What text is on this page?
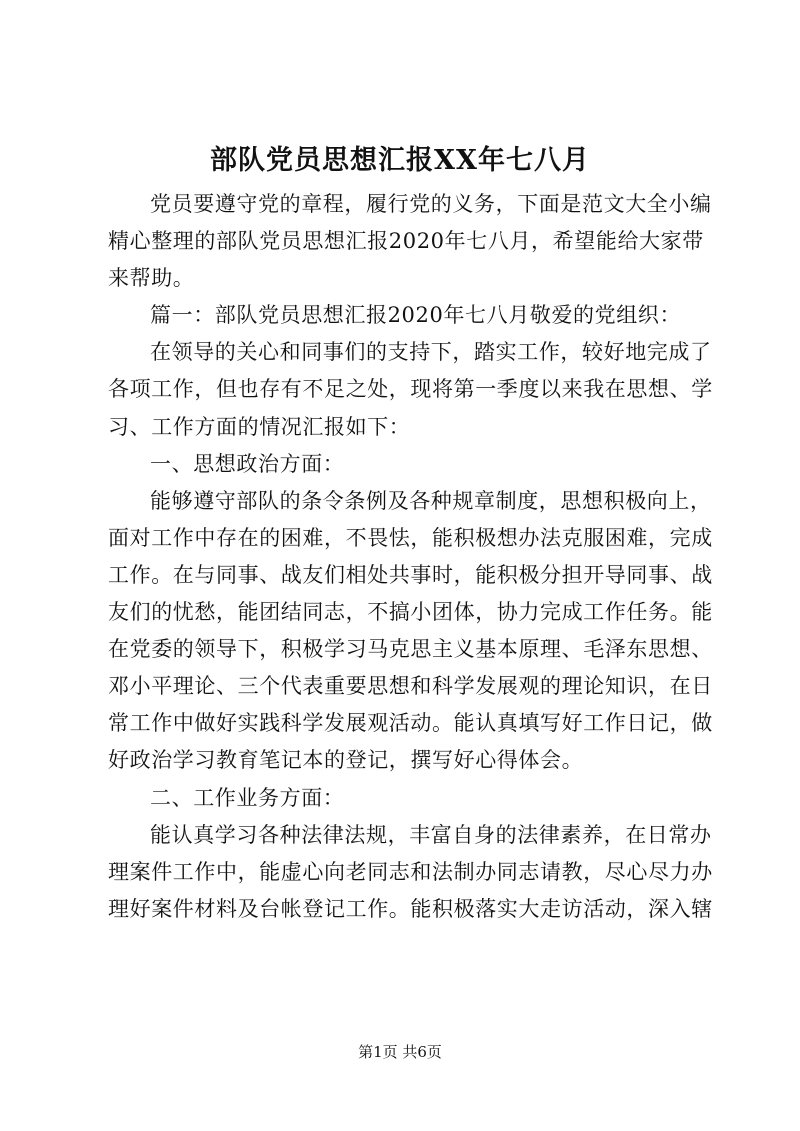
部队党员思想汇报XX年七八月
党员要遵守党的章程，履行党的义务，下面是范文大全小编
精心整理的部队党员思想汇报2020年七八月，希望能给大家带
来帮助。
篇一：部队党员思想汇报2020年七八月敬爱的党组织：
在领导的关心和同事们的支持下，踏实工作，较好地完成了
各项工作，但也存有不足之处，现将第一季度以来我在思想、学
习、工作方面的情况汇报如下：
一、思想政治方面：
能够遵守部队的条令条例及各种规章制度，思想积极向上，
面对工作中存在的困难，不畏怯，能积极想办法克服困难，完成
工作。在与同事、战友们相处共事时，能积极分担开导同事、战
友们的忧愁，能团结同志，不搞小团体，协力完成工作任务。能
在党委的领导下，积极学习马克思主义基本原理、毛泽东思想、
邓小平理论、三个代表重要思想和科学发展观的理论知识，在日
常工作中做好实践科学发展观活动。能认真填写好工作日记，做
好政治学习教育笔记本的登记，撰写好心得体会。
二、工作业务方面：
能认真学习各种法律法规，丰富自身的法律素养，在日常办
理案件工作中，能虚心向老同志和法制办同志请教，尽心尽力办
理好案件材料及台帐登记工作。能积极落实大走访活动，深入辖
第1页 共6页
